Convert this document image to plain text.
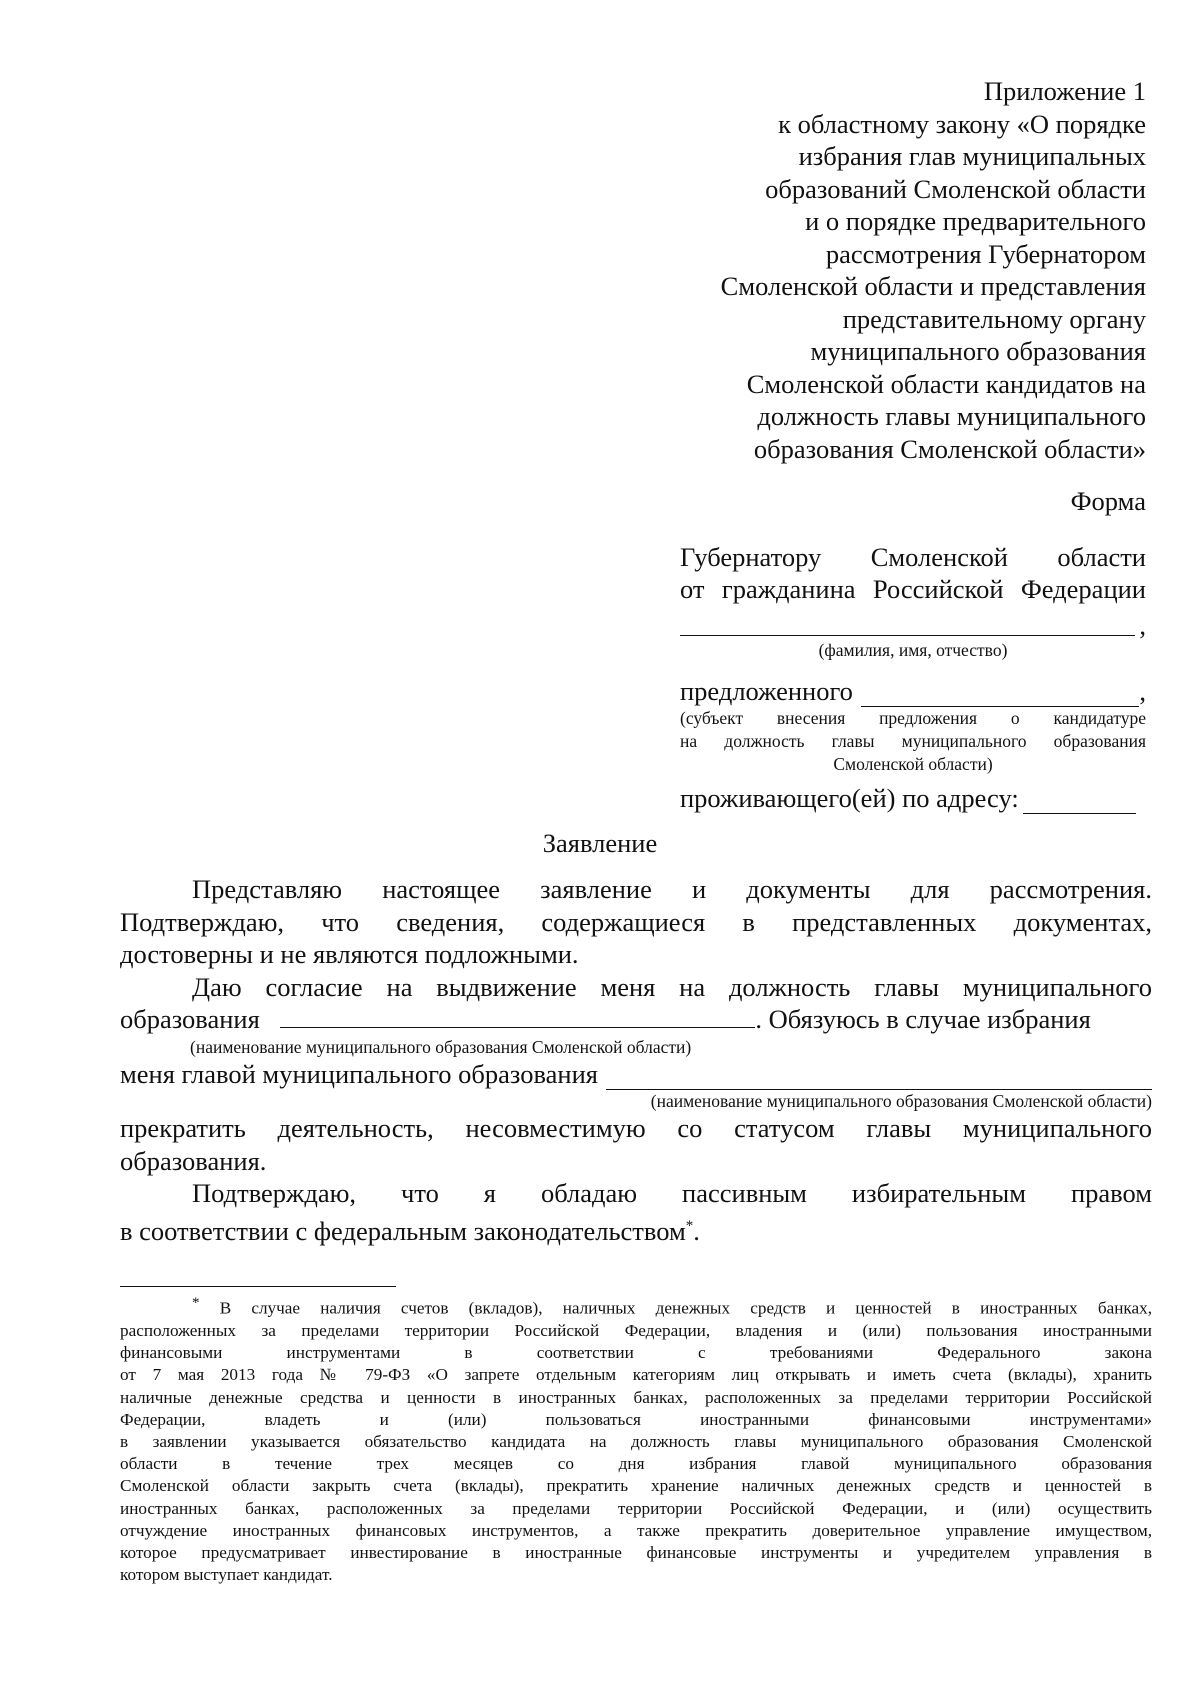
Приложение 1
к областному закону «О порядке
избрания глав муниципальных
образований Смоленской области
и о порядке предварительного
рассмотрения Губернатором
Смоленской области и представления
представительному органу
муниципального образования
Смоленской области кандидатов на
должность главы муниципального
образования Смоленской области»
Форма
Губернатору Смоленской области
от гражданина Российской Федерации
,
(фамилия, имя, отчество)
предложенного	,
(субъект внесения предложения о кандидатуре
на должность главы муниципального образования
Смоленской области)
проживающего(ей) по адресу:
Заявление
Представляю настоящее заявление и документы для рассмотрения.
Подтверждаю, что сведения, содержащиеся в представленных документах,
достоверны и не являются подложными.
Даю согласие на выдвижение меня на должность главы муниципального
образования	. Обязуюсь в случае избрания
(наименование муниципального образования Смоленской области)
меня главой муниципального образования
(наименование муниципального образования Смоленской области)
прекратить деятельность, несовместимую со статусом главы муниципального
образования.
Подтверждаю, что я обладаю пассивным избирательным правом
в соответствии с федеральным законодательством*.
* В случае наличия счетов (вкладов), наличных денежных средств и ценностей в иностранных банках,
расположенных за пределами территории Российской Федерации, владения и (или) пользования иностранными
финансовыми инструментами в соответствии с требованиями Федерального закона
от 7 мая 2013 года № 79-ФЗ «О запрете отдельным категориям лиц открывать и иметь счета (вклады), хранить
наличные денежные средства и ценности в иностранных банках, расположенных за пределами территории Российской
Федерации, владеть и (или) пользоваться иностранными финансовыми инструментами»
в заявлении указывается обязательство кандидата на должность главы муниципального образования Смоленской
области в течение трех месяцев со дня избрания главой муниципального образования
Смоленской области закрыть счета (вклады), прекратить хранение наличных денежных средств и ценностей в
иностранных банках, расположенных за пределами территории Российской Федерации, и (или) осуществить
отчуждение иностранных финансовых инструментов, а также прекратить доверительное управление имуществом,
которое предусматривает инвестирование в иностранные финансовые инструменты и учредителем управления в
котором выступает кандидат.
